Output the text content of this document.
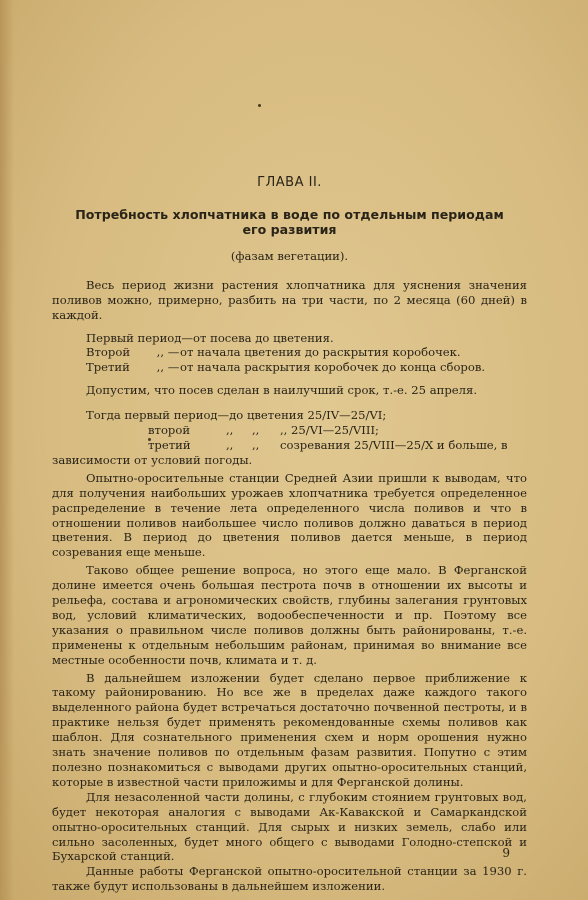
ГЛАВА II.
Потребность хлопчатника в воде по отдельным периодам
его развития
(фазам вегетации).

Весь период жизни растения хлопчатника для уяснения значения поливов можно, примерно, разбить на три части, по 2 месяца (60 дней) в каждой.

Первый период — от посева до цветения.
Второй	,, — от начала цветения до раскрытия коробочек.
Третий	,, — от начала раскрытия коробочек до конца сборов.

Допустим, что посев сделан в наилучший срок, т.-е. 25 апреля.

Тогда первый период—до цветения 25/IV—25/VI;
второй	,,	,,	,, 25/VI—25/VIII;
третий	,,	,,	созревания 25/VIII—25/X и больше, в

зависимости от условий погоды.

Опытно-оросительные станции Средней Азии пришли к выводам, что для получения наибольших урожаев хлопчатника требуется определенное распределение в течение лета определенного числа поливов и что в отношении поливов наибольшее число поливов должно даваться в период цветения. В период до цветения поливов дается меньше, в период созревания еще меньше.

Таково общее решение вопроса, но этого еще мало. В Ферганской долине имеется очень большая пестрота почв в отношении их высоты и рельефа, состава и агрономических свойств, глубины залегания грунтовых вод, условий климатических, водообеспеченности и пр. Поэтому все указания о правильном числе поливов должны быть районированы, т.-е. применены к отдельным небольшим районам, принимая во внимание все местные особенности почв, климата и т. д.

В дальнейшем изложении будет сделано первое приближение к такому районированию. Но все же в пределах даже каждого такого выделенного района будет встречаться достаточно почвенной пестроты, и в практике нельзя будет применять рекомендованные схемы поливов как шаблон. Для сознательного применения схем и норм орошения нужно знать значение поливов по отдельным фазам развития. Попутно с этим полезно познакомиться с выводами других опытно-оросительных станций, которые в известной части приложимы и для Ферганской долины.

Для незасоленной части долины, с глубоким стоянием грунтовых вод, будет некоторая аналогия с выводами Ак-Кавакской и Самаркандской опытно-оросительных станций. Для сырых и низких земель, слабо или сильно засоленных, будет много общего с выводами Голодно-степской и Бухарской станций.

Данные работы Ферганской опытно-оросительной станции за 1930 г. также будут использованы в дальнейшем изложении.

9
